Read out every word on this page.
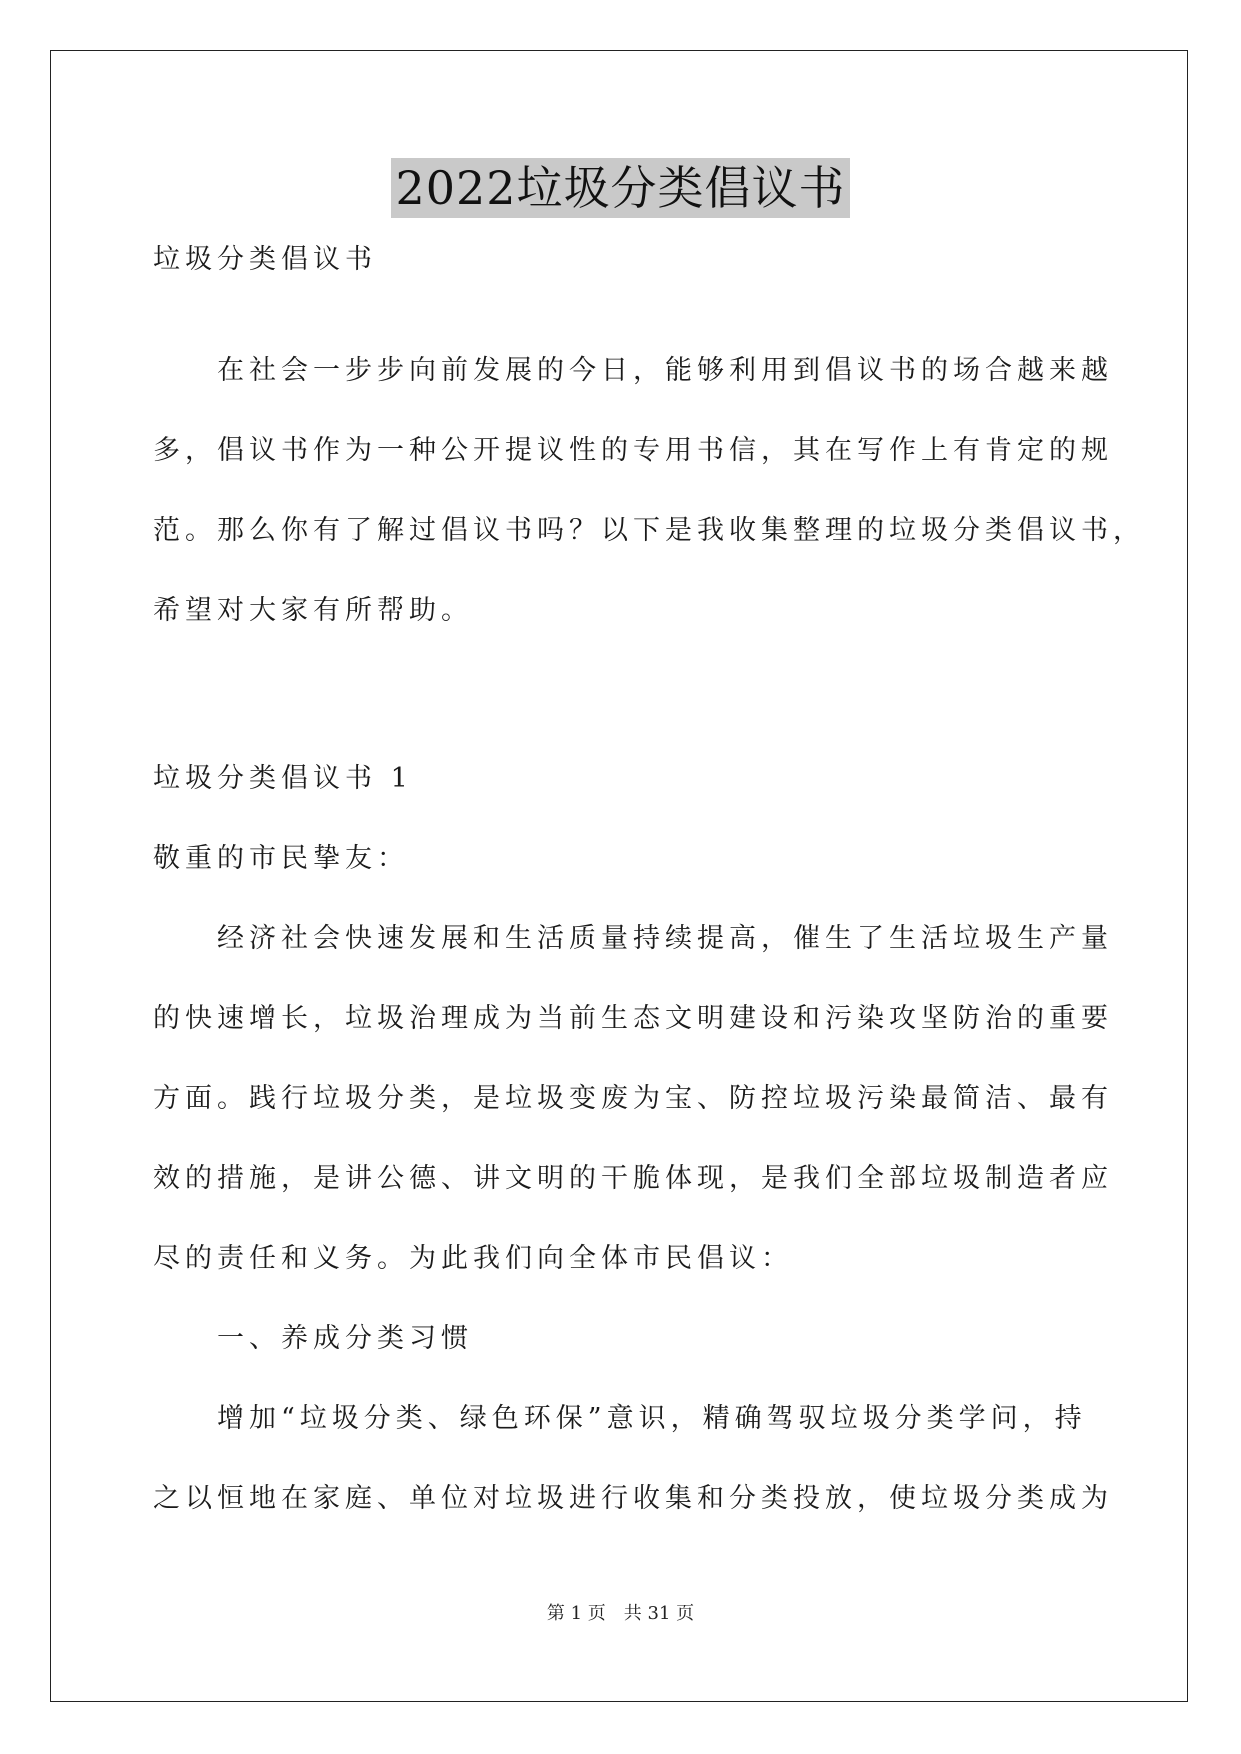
2022垃圾分类倡议书
垃圾分类倡议书
　　在社会一步步向前发展的今日，能够利用到倡议书的场合越来越
多，倡议书作为一种公开提议性的专用书信，其在写作上有肯定的规
范。那么你有了解过倡议书吗？以下是我收集整理的垃圾分类倡议书，
希望对大家有所帮助。
垃圾分类倡议书 1
敬重的市民挚友：
　　经济社会快速发展和生活质量持续提高，催生了生活垃圾生产量
的快速增长，垃圾治理成为当前生态文明建设和污染攻坚防治的重要
方面。践行垃圾分类，是垃圾变废为宝、防控垃圾污染最简洁、最有
效的措施，是讲公德、讲文明的干脆体现，是我们全部垃圾制造者应
尽的责任和义务。为此我们向全体市民倡议：
　　一、养成分类习惯
　　增加“垃圾分类、绿色环保”意识，精确驾驭垃圾分类学问，持
之以恒地在家庭、单位对垃圾进行收集和分类投放，使垃圾分类成为
第 1 页　共 31 页
